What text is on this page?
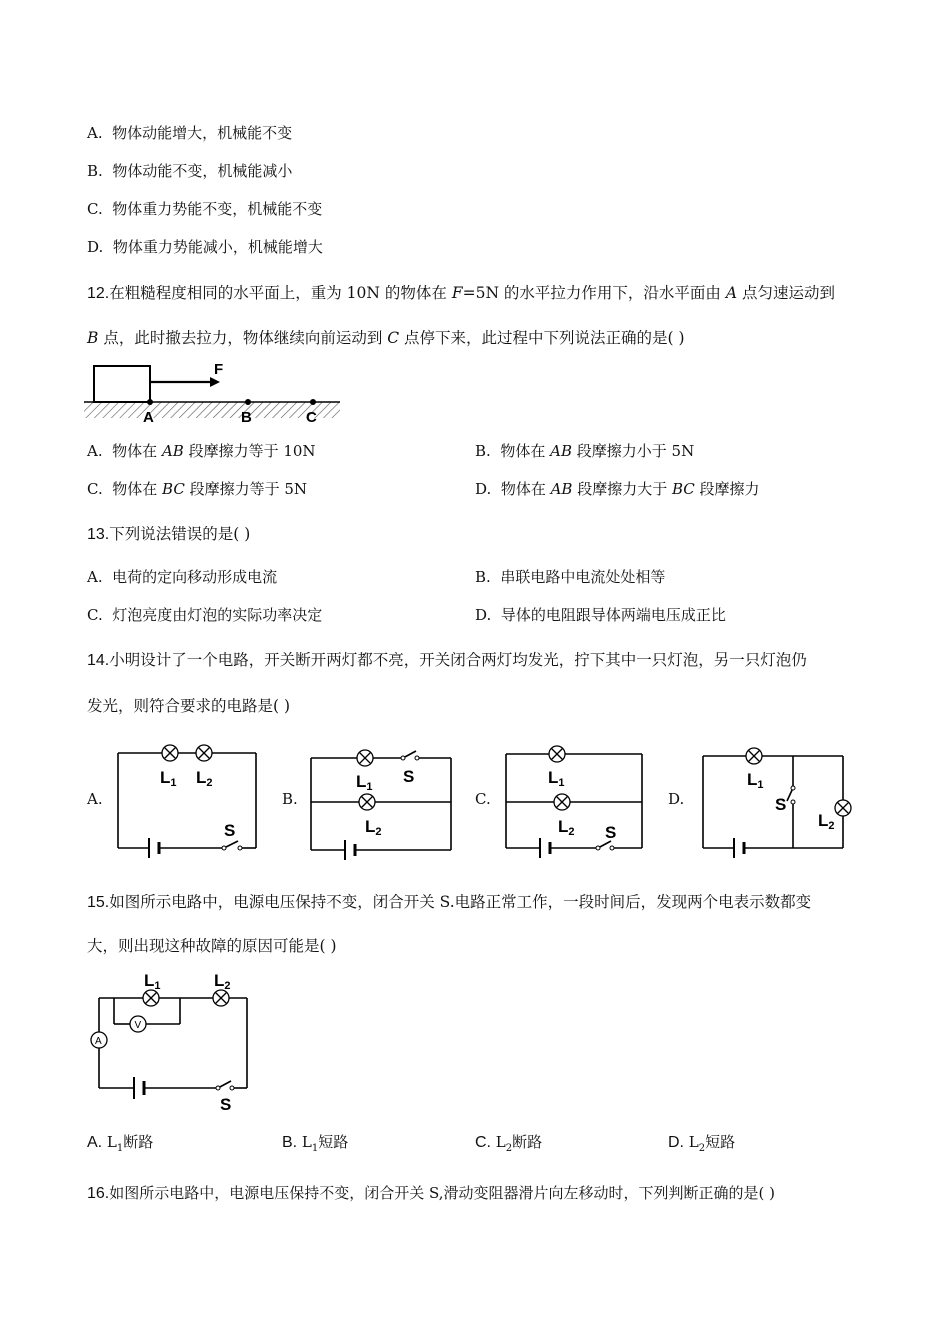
A. 物体动能增大，机械能不变
B. 物体动能不变，机械能减小
C. 物体重力势能不变，机械能不变
D. 物体重力势能减小，机械能增大
12.在粗糙程度相同的水平面上，重为 10N 的物体在 F=5N 的水平拉力作用下，沿水平面由 A 点匀速运动到
B 点，此时撤去拉力，物体继续向前运动到 C 点停下来，此过程中下列说法正确的是( )
F
A	B	C
A. 物体在 AB 段摩擦力等于 10N	B. 物体在 AB 段摩擦力小于 5N
C. 物体在 BC 段摩擦力等于 5N	D. 物体在 AB 段摩擦力大于 BC 段摩擦力
13.下列说法错误的是( )
A. 电荷的定向移动形成电流	B. 串联电路中电流处处相等
C. 灯泡亮度由灯泡的实际功率决定	D. 导体的电阻跟导体两端电压成正比
14.小明设计了一个电路，开关断开两灯都不亮，开关闭合两灯均发光，拧下其中一只灯泡，另一只灯泡仍
发光，则符合要求的电路是( )
A.	B.	C.	D.
L1 L2
S
L1
S
L2
L1
L2 S
L1
S
L2
15.如图所示电路中，电源电压保持不变，闭合开关 S.电路正常工作，一段时间后，发现两个电表示数都变
大，则出现这种故障的原因可能是( )
V
A
L1	L2
S
A. $L_1$断路	B. $L_1$短路	C. $L_2$断路	D. $L_2$短路
16.如图所示电路中，电源电压保持不变，闭合开关 S,滑动变阻器滑片向左移动时，下列判断正确的是( )
